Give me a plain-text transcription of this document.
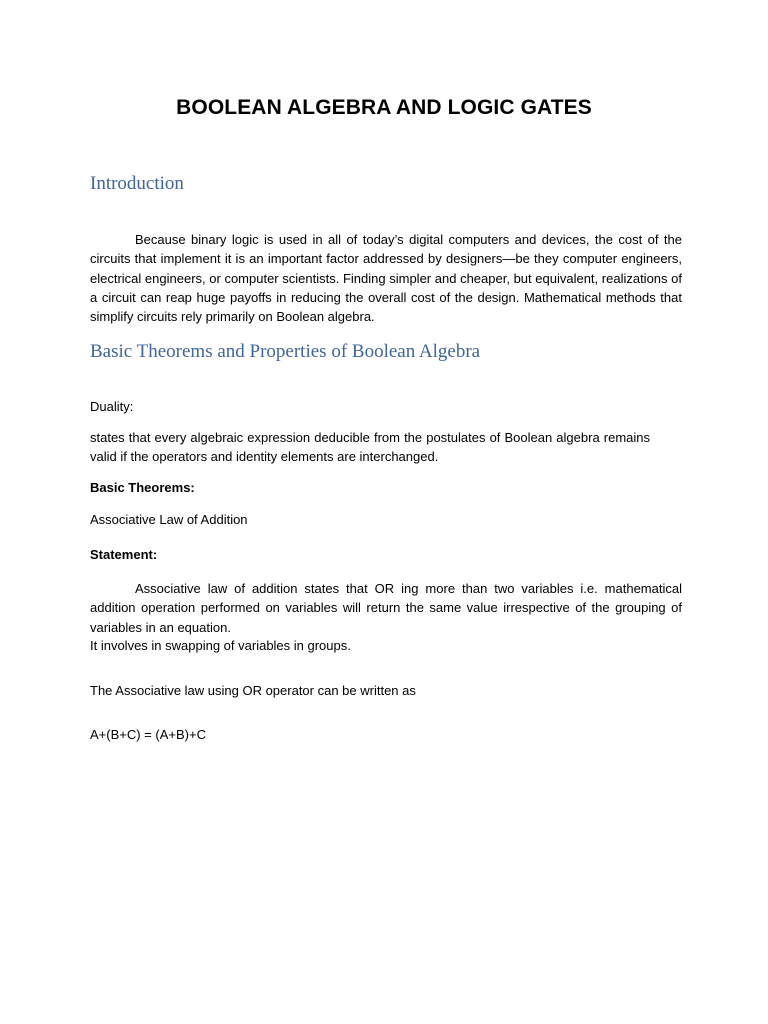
BOOLEAN ALGEBRA AND LOGIC GATES
Introduction
Because binary logic is used in all of today’s digital computers and devices, the cost of the circuits that implement it is an important factor addressed by designers—be they computer engineers, electrical engineers, or computer scientists. Finding simpler and cheaper, but equivalent, realizations of a circuit can reap huge payoffs in reducing the overall cost of the design. Mathematical methods that simplify circuits rely primarily on Boolean algebra.
Basic Theorems and Properties of Boolean Algebra
Duality:
states that every algebraic expression deducible from the postulates of Boolean algebra remains valid if the operators and identity elements are interchanged.
Basic Theorems:
Associative Law of Addition
Statement:
Associative law of addition states that OR ing more than two variables i.e. mathematical addition operation performed on variables will return the same value irrespective of the grouping of variables in an equation.
It involves in swapping of variables in groups.
The Associative law using OR operator can be written as
A+(B+C) = (A+B)+C
